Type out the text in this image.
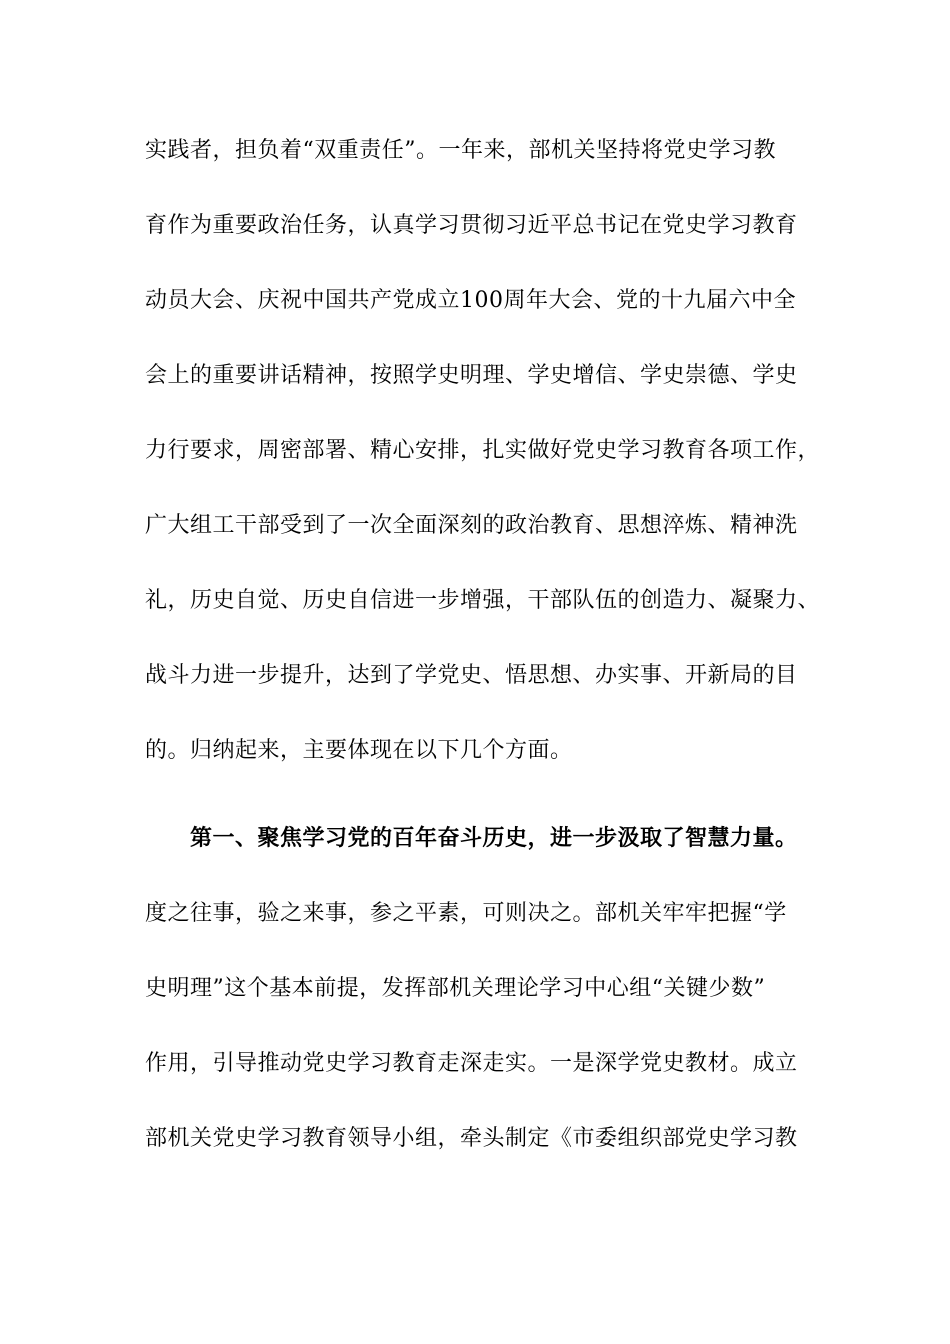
实践者，担负着“双重责任”。一年来，部机关坚持将党史学习教
育作为重要政治任务，认真学习贯彻习近平总书记在党史学习教育
动员大会、庆祝中国共产党成立100周年大会、党的十九届六中全
会上的重要讲话精神，按照学史明理、学史增信、学史崇德、学史
力行要求，周密部署、精心安排，扎实做好党史学习教育各项工作，
广大组工干部受到了一次全面深刻的政治教育、思想淬炼、精神洗
礼，历史自觉、历史自信进一步增强，干部队伍的创造力、凝聚力、
战斗力进一步提升，达到了学党史、悟思想、办实事、开新局的目
的。归纳起来，主要体现在以下几个方面。
第一、聚焦学习党的百年奋斗历史，进一步汲取了智慧力量。
度之往事，验之来事，参之平素，可则决之。部机关牢牢把握“学
史明理”这个基本前提，发挥部机关理论学习中心组“关键少数”
作用，引导推动党史学习教育走深走实。一是深学党史教材。成立
部机关党史学习教育领导小组，牵头制定《市委组织部党史学习教
